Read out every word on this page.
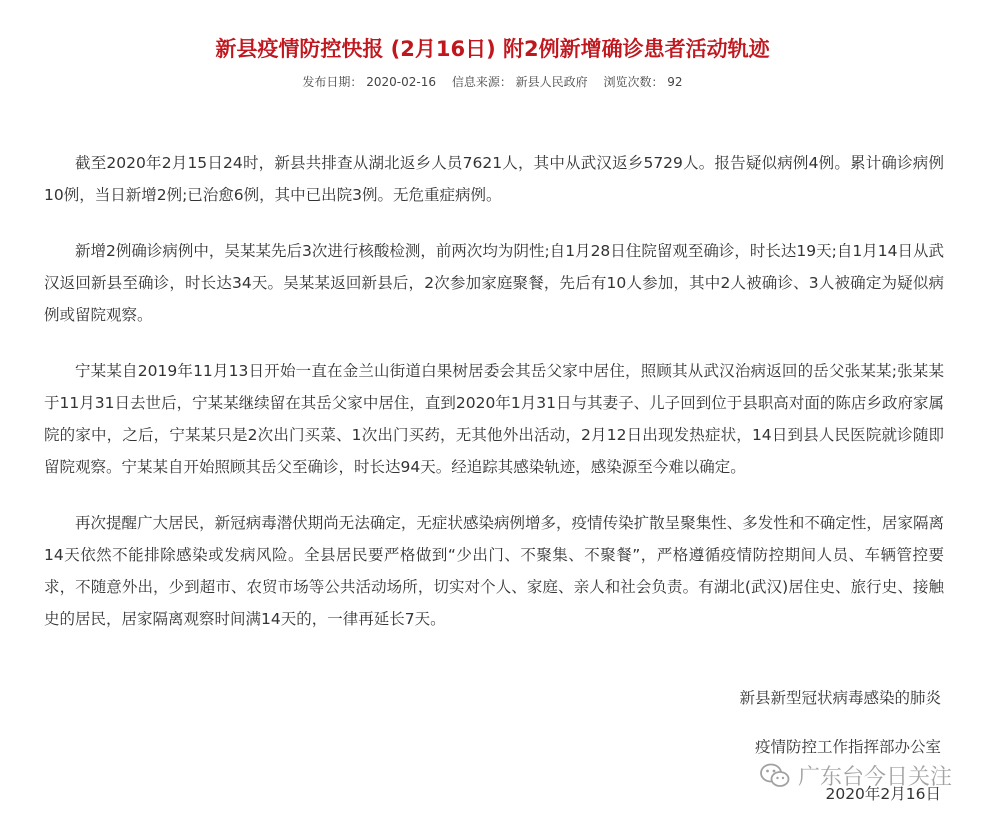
新县疫情防控快报 (2月16日) 附2例新增确诊患者活动轨迹
发布日期： 2020-02-16 信息来源： 新县人民政府 浏览次数： 92

截至2020年2月15日24时，新县共排查从湖北返乡人员7621人，其中从武汉返乡5729人。报告疑似病例4例。累计确诊病例10例，当日新增2例;已治愈6例，其中已出院3例。无危重症病例。

新增2例确诊病例中，吴某某先后3次进行核酸检测，前两次均为阴性;自1月28日住院留观至确诊，时长达19天;自1月14日从武汉返回新县至确诊，时长达34天。吴某某返回新县后，2次参加家庭聚餐，先后有10人参加，其中2人被确诊、3人被确定为疑似病例或留院观察。

宁某某自2019年11月13日开始一直在金兰山街道白果树居委会其岳父家中居住，照顾其从武汉治病返回的岳父张某某;张某某于11月31日去世后，宁某某继续留在其岳父家中居住，直到2020年1月31日与其妻子、儿子回到位于县职高对面的陈店乡政府家属院的家中，之后，宁某某只是2次出门买菜、1次出门买药，无其他外出活动，2月12日出现发热症状，14日到县人民医院就诊随即留院观察。宁某某自开始照顾其岳父至确诊，时长达94天。经追踪其感染轨迹，感染源至今难以确定。

再次提醒广大居民，新冠病毒潜伏期尚无法确定，无症状感染病例增多，疫情传染扩散呈聚集性、多发性和不确定性，居家隔离14天依然不能排除感染或发病风险。全县居民要严格做到“少出门、不聚集、不聚餐”，严格遵循疫情防控期间人员、车辆管控要求，不随意外出，少到超市、农贸市场等公共活动场所，切实对个人、家庭、亲人和社会负责。有湖北(武汉)居住史、旅行史、接触史的居民，居家隔离观察时间满14天的，一律再延长7天。

新县新型冠状病毒感染的肺炎
疫情防控工作指挥部办公室
2020年2月16日
广东台今日关注
